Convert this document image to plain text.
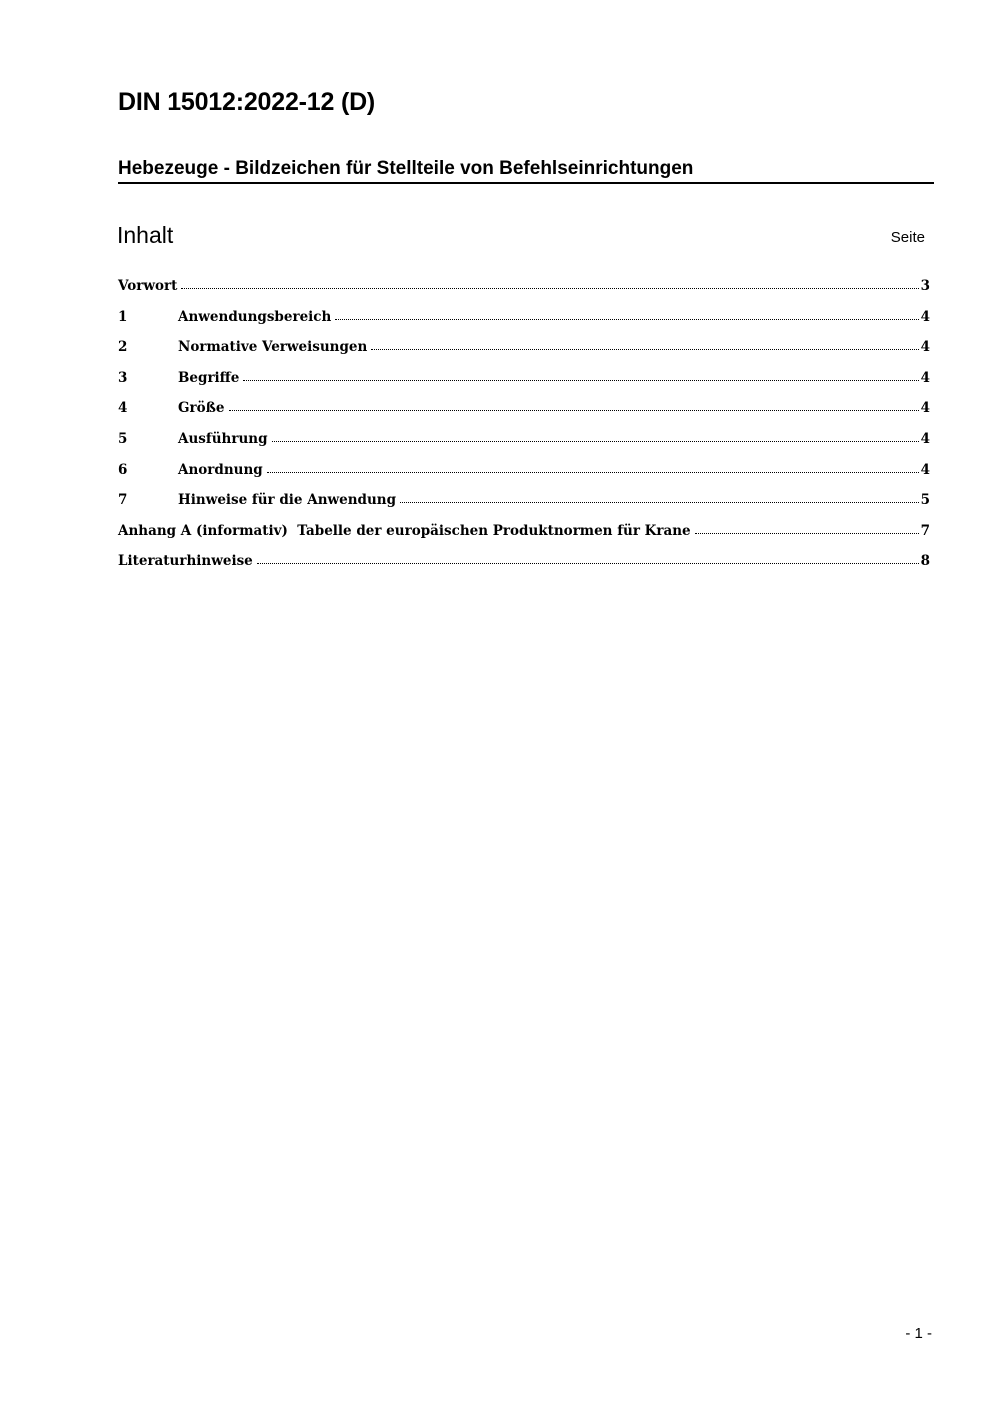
DIN 15012:2022-12 (D)
Hebezeuge - Bildzeichen für Stellteile von Befehlseinrichtungen
Inhalt	Seite
Vorwort	3
1	Anwendungsbereich	4
2	Normative Verweisungen	4
3	Begriffe	4
4	Größe	4
5	Ausführung	4
6	Anordnung	4
7	Hinweise für die Anwendung	5
Anhang A (informativ)  Tabelle der europäischen Produktnormen für Krane	7
Literaturhinweise	8
- 1 -
